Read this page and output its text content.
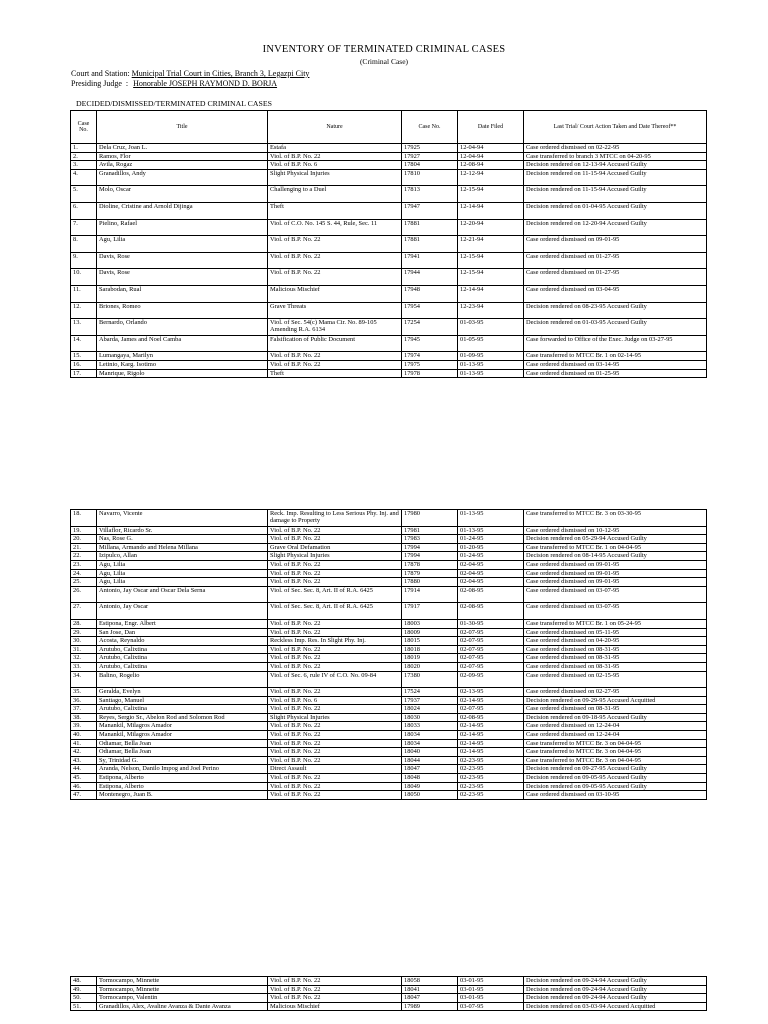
INVENTORY OF TERMINATED CRIMINAL CASES
(Criminal Case)
Court and Station: Municipal Trial Court in Cities, Branch 3, Legazpi City
Presiding Judge : Honorable JOSEPH RAYMOND D. BORJA
DECIDED/DISMISSED/TERMINATED CRIMINAL CASES
Case No.	Title	Nature	Case No.	Date Filed	Last Trial/ Court Action Taken and Date Thereof**
1.	Dela Cruz, Joan L.	Estafa	17925	12-04-94	Case ordered dismissed on 02-22-95
2.	Ramos, Flor	Viol. of B.P. No. 22	17927	12-04-94	Case transferred to branch 3 MTCC on 04-20-95
3.	Avila, Rogaz	Viol. of B.P. No. 6	17804	12-08-94	Decision rendered on 12-13-94 Accused Guilty
4.	Granadillos, Andy	Slight Physical Injuries	17810	12-12-94	Decision rendered on 11-15-94 Accused Guilty
5.	Molo, Oscar	Challenging to a Duel	17813	12-15-94	Decision rendered on 11-15-94 Accused Guilty
6.	Dioline, Cristine and Arnold Dijinga	Theft	17947	12-14-94	Decision rendered on 01-04-95 Accused Guilty
7.	Pielino, Rafael	Viol. of C.O. No. 145 S. 44, Rule, Sec. 11	17881	12-20-94	Decision rendered on 12-20-94 Accused Guilty
8.	Agu, Lilia	Viol. of B.P. No. 22	17881	12-21-94	Case ordered dismissed on 09-01-95
9.	Davis, Rose	Viol. of B.P. No. 22	17941	12-15-94	Case ordered dismissed on 01-27-95
10.	Davis, Rose	Viol. of B.P. No. 22	17944	12-15-94	Case ordered dismissed on 01-27-95
11.	Sarabodan, Rual	Malicious Mischief	17948	12-14-94	Case ordered dismissed on 03-04-95
12.	Briones, Romeo	Grave Threats	17954	12-23-94	Decision rendered on 08-23-95 Accused Guilty
13.	Bernardo, Orlando	Viol. of Sec. 54(c) Mama Cir. No. 89-105 Amending R.A. 6134	17254	01-03-95	Decision rendered on 01-03-95 Accused Guilty
14.	Abarda, James and Noel Camba	Falsification of Public Document	17945	01-05-95	Case forwarded to Office of the Exec. Judge on 03-27-95
15.	Lumangaya, Marilyn	Viol. of B.P. No. 22	17974	01-09-95	Case transferred to MTCC Br. 1 on 02-14-95
16.	Letinio, Karg. Isotimo	Viol. of B.P. No. 22	17975	01-13-95	Case ordered dismissed on 03-14-95
17.	Manrique, Rigolo	Theft	17978	01-13-95	Case ordered dismissed on 01-25-95
18.	Navarro, Vicente	Reck. Imp. Resulting to Less Serious Phy. Inj. and damage to Property	17980	01-13-95	Case transferred to MTCC Br. 3 on 03-30-95
19.	Villaflor, Ricardo Sr.	Viol. of B.P. No. 22	17981	01-13-95	Case ordered dismissed on 10-12-95
20.	Nas, Rose G.	Viol. of B.P. No. 22	17983	01-24-95	Decision rendered on 05-29-94 Accused Guilty
21.	Millana, Armando and Helena Millana	Grave Oral Defamation	17994	01-20-95	Case transferred to MTCC Br. 1 on 04-04-95
22.	Izipulco, Allan	Slight Physical Injuries	17994	01-24-95	Decision rendered on 08-14-95 Accused Guilty
23.	Agu, Lilia	Viol. of B.P. No. 22	17878	02-04-95	Case ordered dismissed on 09-01-95
24.	Agu, Lilia	Viol. of B.P. No. 22	17879	02-04-95	Case ordered dismissed on 09-01-95
25.	Agu, Lilia	Viol. of B.P. No. 22	17880	02-04-95	Case ordered dismissed on 09-01-95
26.	Antonio, Jay Oscar and Oscar Dela Serna	Viol. of Sec. Sec. 8, Art. II of R.A. 6425	17914	02-08-95	Case ordered dismissed on 03-07-95
27.	Antonio, Jay Oscar	Viol. of Sec. Sec. 8, Art. II of R.A. 6425	17917	02-08-95	Case ordered dismissed on 03-07-95
28.	Estipona, Engr. Albert	Viol. of B.P. No. 22	18003	01-30-95	Case transferred to MTCC Br. 1 on 05-24-95
29.	San Jose, Dan	Viol. of B.P. No. 22	18009	02-07-95	Case ordered dismissed on 05-11-95
30.	Acosta, Reynaldo	Reckless Imp. Res. In Slight Phy. Inj.	18015	02-07-95	Case ordered dismissed on 04-20-95
31.	Arutubo, Calixtina	Viol. of B.P. No. 22	18018	02-07-95	Case ordered dismissed on 08-31-95
32.	Arutubo, Calixtina	Viol. of B.P. No. 22	18019	02-07-95	Case ordered dismissed on 08-31-95
33.	Arutubo, Calixtina	Viol. of B.P. No. 22	18020	02-07-95	Case ordered dismissed on 08-31-95
34.	Balino, Rogelio	Viol. of Sec. 6, rule IV of C.O. No. 09-84	17380	02-09-95	Case ordered dismissed on 02-15-95
35.	Geralda, Evelyn	Viol. of B.P. No. 22	17524	02-13-95	Case ordered dismissed on 02-27-95
36.	Santiago, Manuel	Viol. of B.P. No. 6	17937	02-14-95	Decision rendered on 09-29-95 Accused Acquitted
37.	Arutubo, Calixtina	Viol. of B.P. No. 22	18024	02-07-95	Case ordered dismissed on 08-31-95
38.	Reyes, Sergio Sr., Abelon Rod and Solomon Rod	Slight Physical Injuries	18030	02-08-95	Decision rendered on 09-18-95 Accused Guilty
39.	Manankil, Milagros Amador	Viol. of B.P. No. 22	18033	02-14-95	Case ordered dismissed on 12-24-04
40.	Manankil, Milagros Amador	Viol. of B.P. No. 22	18034	02-14-95	Case ordered dismissed on 12-24-04
41.	Odiamar, Bella Joan	Viol. of B.P. No. 22	18034	02-14-95	Case transferred to MTCC Br. 3 on 04-04-95
42.	Odiamar, Bella Joan	Viol. of B.P. No. 22	18040	02-14-95	Case transferred to MTCC Br. 3 on 04-04-95
43.	Sy, Trinidad G.	Viol. of B.P. No. 22	18044	02-23-95	Case transferred to MTCC Br. 3 on 04-04-95
44.	Aranda, Nelson, Danilo Impog and Joel Perino	Direct Assault	18047	02-23-95	Decision rendered on 09-27-95 Accused Guilty
45.	Estipona, Alberto	Viol. of B.P. No. 22	18048	02-23-95	Decision rendered on 09-05-95 Accused Guilty
46.	Estipona, Alberto	Viol. of B.P. No. 22	18049	02-23-95	Decision rendered on 09-05-95 Accused Guilty
47.	Montenegro, Juan B.	Viol. of B.P. No. 22	18050	02-23-95	Case ordered dismissed on 03-10-95
48.	Tormocampo, Minnette	Viol. of B.P. No. 22	18058	03-01-95	Decision rendered on 09-24-94 Accused Guilty
49.	Tormocampo, Minnette	Viol. of B.P. No. 22	18041	03-01-95	Decision rendered on 09-24-94 Accused Guilty
50.	Tormocampo, Valentin	Viol. of B.P. No. 22	18047	03-01-95	Decision rendered on 09-24-94 Accused Guilty
51.	Granadillos, Alex, Avaline Avanza & Dante Avanza	Malicious Mischief	17989	03-07-95	Decision rendered on 03-03-94 Accused Acquitted
